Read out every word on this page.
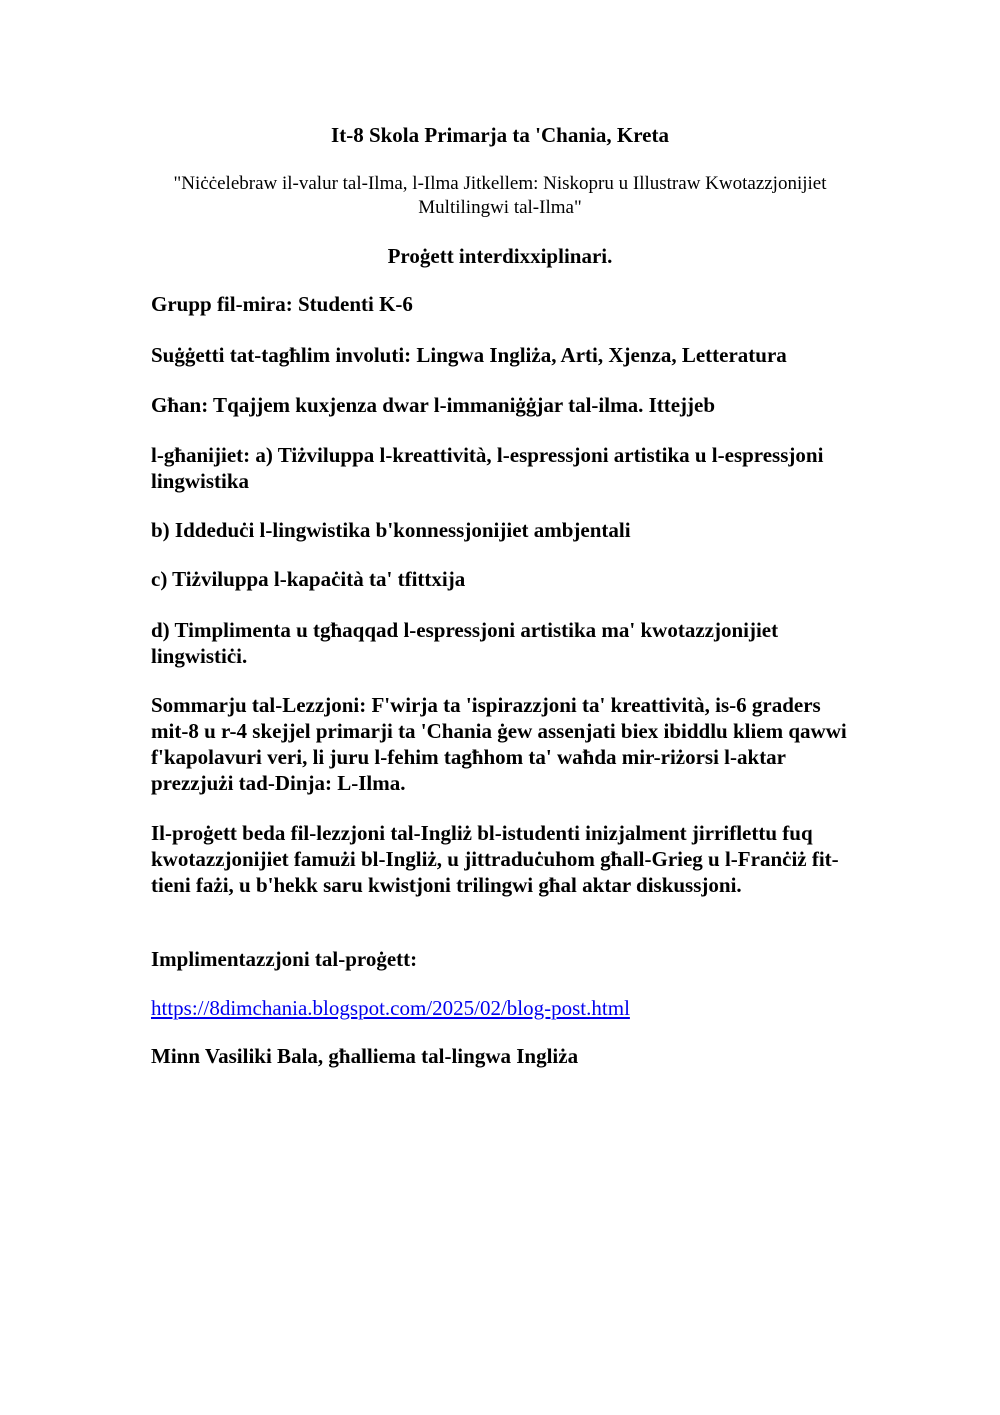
It-8 Skola Primarja ta 'Chania, Kreta

"Niċċelebraw il-valur tal-Ilma, l-Ilma Jitkellem: Niskopru u Illustraw Kwotazzjonijiet Multilingwi tal-Ilma"

Proġett interdixxiplinari.

Grupp fil-mira: Studenti K-6

Suġġetti tat-tagħlim involuti: Lingwa Ingliża, Arti, Xjenza, Letteratura

Għan: Tqajjem kuxjenza dwar l-immaniġġjar tal-ilma. Ittejjeb

l-għanijiet: a) Tiżviluppa l-kreattività, l-espressjoni artistika u l-espressjoni lingwistika

b) Iddeduċi l-lingwistika b'konnessjonijiet ambjentali

c) Tiżviluppa l-kapaċità ta' tfittxija

d) Timplimenta u tgħaqqad l-espressjoni artistika ma' kwotazzjonijiet lingwistiċi.

Sommarju tal-Lezzjoni: F'wirja ta 'ispirazzjoni ta' kreattività, is-6 graders mit-8 u r-4 skejjel primarji ta 'Chania ġew assenjati biex ibiddlu kliem qawwi f'kapolavuri veri, li juru l-fehim tagħhom ta' waħda mir-riżorsi l-aktar prezzjużi tad-Dinja: L-Ilma.

Il-proġett beda fil-lezzjoni tal-Ingliż bl-istudenti inizjalment jirriflettu fuq kwotazzjonijiet famużi bl-Ingliż, u jittraduċuhom għall-Grieg u l-Franċiż fit-tieni fażi, u b'hekk saru kwistjoni trilingwi għal aktar diskussjoni.

Implimentazzjoni tal-proġett:

https://8dimchania.blogspot.com/2025/02/blog-post.html

Minn Vasiliki Bala, għalliema tal-lingwa Ingliża
